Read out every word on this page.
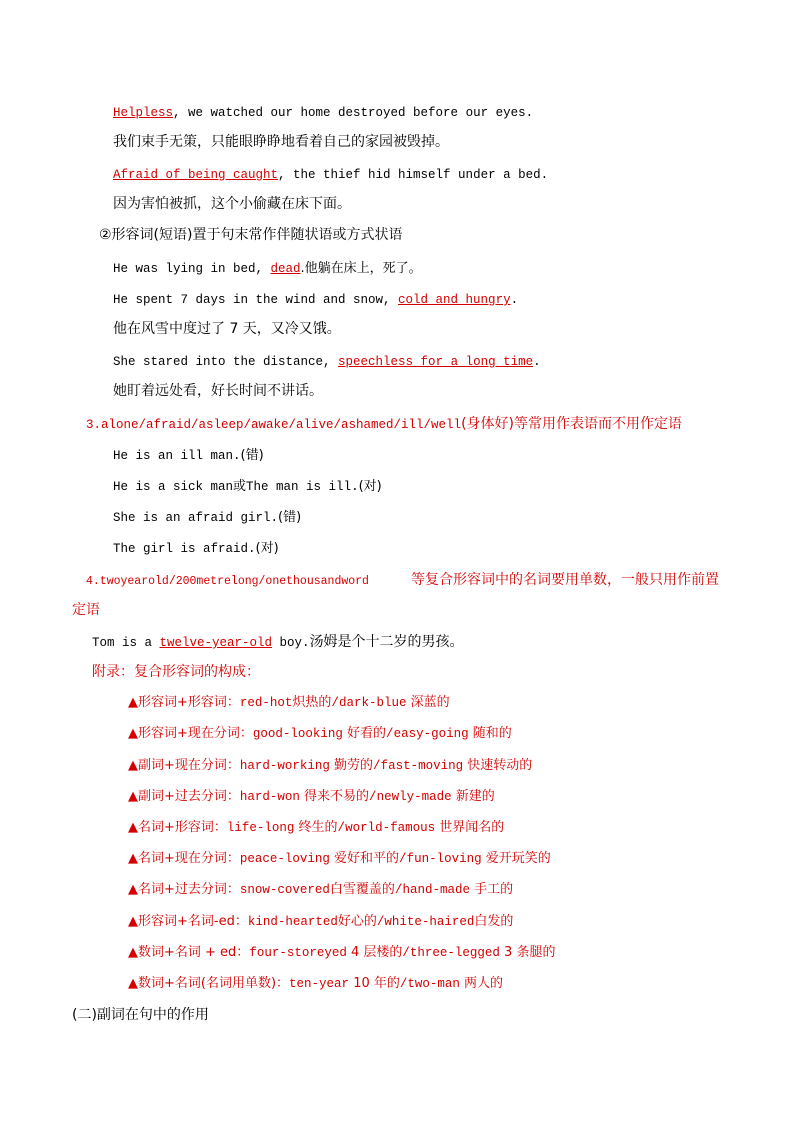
Helpless, we watched our home destroyed before our eyes.
我们束手无策，只能眼睁睁地看着自己的家园被毁掉。
Afraid of being caught, the thief hid himself under a bed.
因为害怕被抓，这个小偷藏在床下面。
②形容词(短语)置于句末常作伴随状语或方式状语
He was lying in bed, dead.他躺在床上，死了。
He spent 7 days in the wind and snow, cold and hungry.
他在风雪中度过了 7 天，又冷又饿。
She stared into the distance, speechless for a long time.
她盯着远处看，好长时间不讲话。
3.alone/afraid/asleep/awake/alive/ashamed/ill/well(身体好)等常用作表语而不用作定语
He is an ill man.(错)
He is a sick man或The man is ill.(对)
She is an afraid girl.(错)
The girl is afraid.(对)
4.twoyearold/200metrelong/onethousandword	等复合形容词中的名词要用单数，一般只用作前置
定语
Tom is a twelve-year-old boy.汤姆是个十二岁的男孩。
附录：复合形容词的构成：
▲形容词+形容词：red-hot炽热的/dark-blue 深蓝的
▲形容词+现在分词：good-looking 好看的/easy-going 随和的
▲副词+现在分词：hard-working 勤劳的/fast-moving 快速转动的
▲副词+过去分词：hard-won 得来不易的/newly-made 新建的
▲名词+形容词：life-long 终生的/world-famous 世界闻名的
▲名词+现在分词：peace-loving 爱好和平的/fun-loving 爱开玩笑的
▲名词+过去分词：snow-covered白雪覆盖的/hand-made 手工的
▲形容词+名词-ed：kind-hearted好心的/white-haired白发的
▲数词+名词 + ed：four-storeyed 4 层楼的/three-legged 3 条腿的
▲数词+名词(名词用单数)：ten-year 10 年的/two-man 两人的
(二)副词在句中的作用
